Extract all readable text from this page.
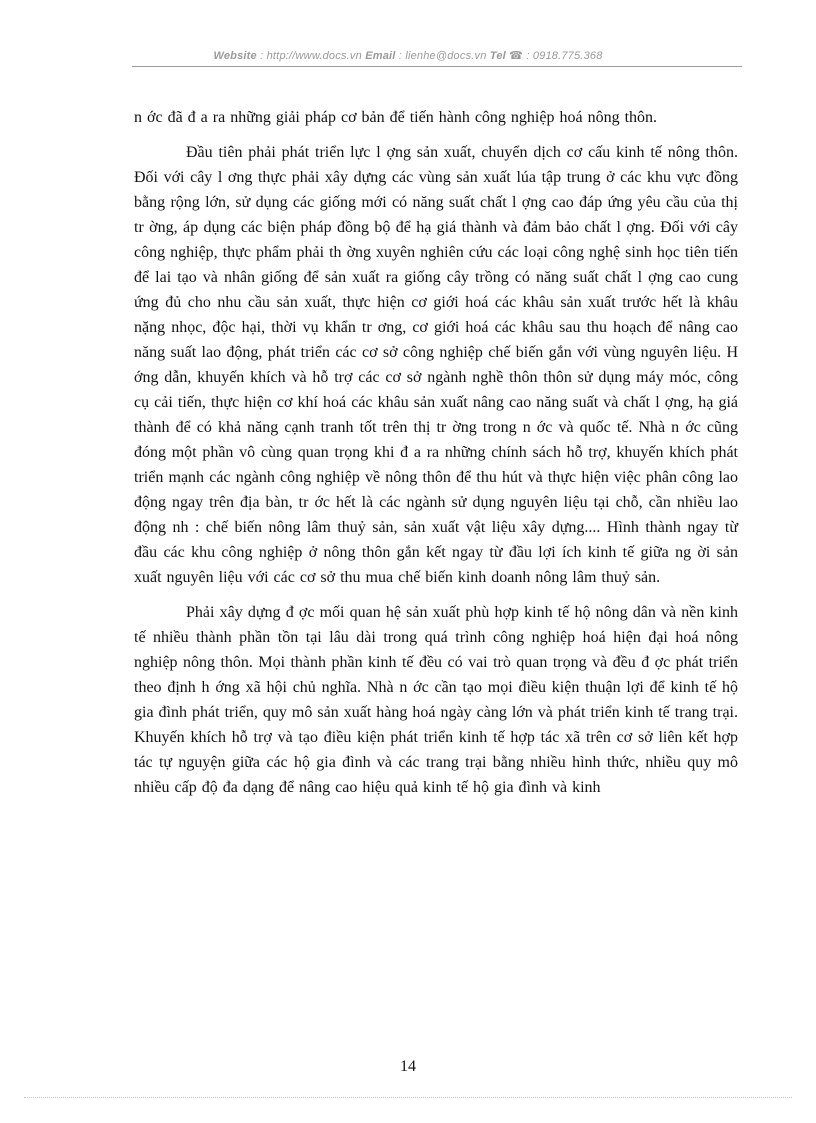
Website : http://www.docs.vn Email : lienhe@docs.vn Tel ☎ : 0918.775.368

n ớc đã đ a ra những giải pháp cơ bản để tiến hành công nghiệp hoá nông thôn.

Đầu tiên phải phát triển lực l ợng sản xuất, chuyển dịch cơ cấu kinh tế nông thôn. Đối với cây l ơng thực phải xây dựng các vùng sản xuất lúa tập trung ở các khu vực đồng bằng rộng lớn, sử dụng các giống mới có năng suất chất l ợng cao đáp ứng yêu cầu của thị tr ờng, áp dụng các biện pháp đồng bộ để hạ giá thành và đảm bảo chất l ợng. Đối với cây công nghiệp, thực phẩm phải th ờng xuyên nghiên cứu các loại công nghệ sinh học tiên tiến để lai tạo và nhân giống để sản xuất ra giống cây trồng có năng suất chất l ợng cao cung ứng đủ cho nhu cầu sản xuất, thực hiện cơ giới hoá các khâu sản xuất trước hết là khâu nặng nhọc, độc hại, thời vụ khẩn tr ơng, cơ giới hoá các khâu sau thu hoạch để nâng cao năng suất lao động, phát triển các cơ sở công nghiệp chế biến gắn với vùng nguyên liệu. H ớng dẫn, khuyến khích và hỗ trợ các cơ sở ngành nghề thôn thôn sử dụng máy móc, công cụ cải tiến, thực hiện cơ khí hoá các khâu sản xuất nâng cao năng suất và chất l ợng, hạ giá thành để có khả năng cạnh tranh tốt trên thị tr ờng trong n ớc và quốc tế. Nhà n ớc cũng đóng một phần vô cùng quan trọng khi đ a ra những chính sách hỗ trợ, khuyến khích phát triển mạnh các ngành công nghiệp về nông thôn để thu hút và thực hiện việc phân công lao động ngay trên địa bàn, tr ớc hết là các ngành sử dụng nguyên liệu tại chỗ, cần nhiều lao động nh : chế biến nông lâm thuỷ sản, sản xuất vật liệu xây dựng.... Hình thành ngay từ đầu các khu công nghiệp ở nông thôn gắn kết ngay từ đầu lợi ích kinh tế giữa ng ời sản xuất nguyên liệu với các cơ sở thu mua chế biến kinh doanh nông lâm thuỷ sản.

Phải xây dựng đ ợc mối quan hệ sản xuất phù hợp kinh tế hộ nông dân và nền kinh tế nhiều thành phần tồn tại lâu dài trong quá trình công nghiệp hoá hiện đại hoá nông nghiệp nông thôn. Mọi thành phần kinh tế đều có vai trò quan trọng và đều đ ợc phát triển theo định h ớng xã hội chủ nghĩa. Nhà n ớc cần tạo mọi điều kiện thuận lợi để kinh tế hộ gia đình phát triển, quy mô sản xuất hàng hoá ngày càng lớn và phát triển kinh tế trang trại. Khuyến khích hỗ trợ và tạo điều kiện phát triển kinh tế hợp tác xã trên cơ sở liên kết hợp tác tự nguyện giữa các hộ gia đình và các trang trại bằng nhiều hình thức, nhiều quy mô nhiều cấp độ đa dạng để nâng cao hiệu quả kinh tế hộ gia đình và kinh

14
